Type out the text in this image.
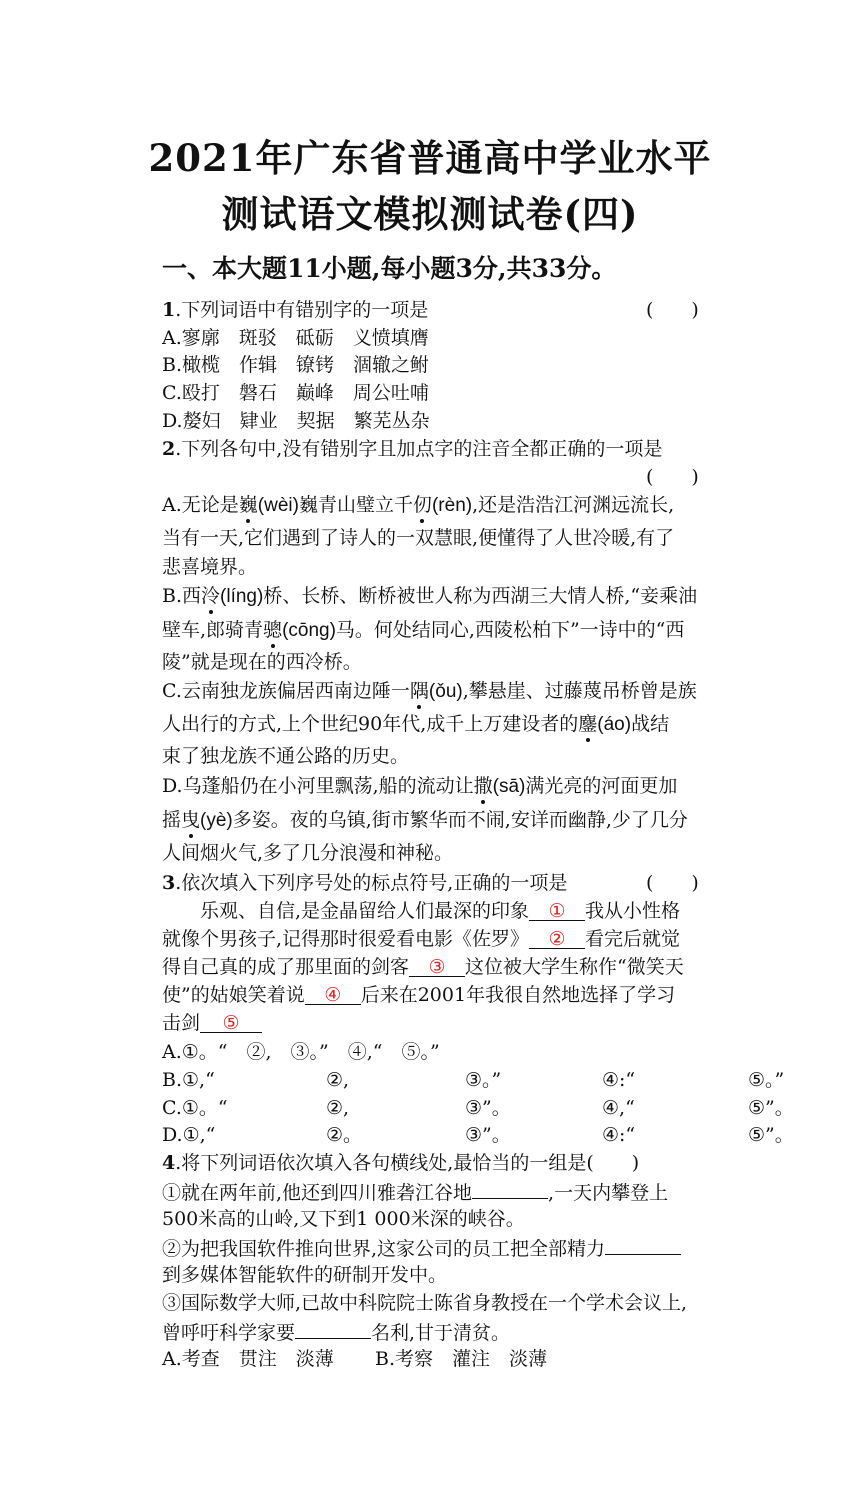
2021年广东省普通高中学业水平
测试语文模拟测试卷(四)
一、本大题11小题,每小题3分,共33分。
1.下列词语中有错别字的一项是	(　　)
A.寥廓　斑驳　砥砺　义愤填膺
B.橄榄　作辑　镣铐　涸辙之鲋
C.殴打　磐石　巅峰　周公吐哺
D.嫠妇　肄业　契据　繁芜丛杂
2.下列各句中,没有错别字且加点字的注音全都正确的一项是
(　　)
A.无论是巍(wèi)巍青山璧立千仞(rèn),还是浩浩江河渊远流长,
当有一天,它们遇到了诗人的一双慧眼,便懂得了人世冷暖,有了
悲喜境界。
B.西泠(líng)桥、长桥、断桥被世人称为西湖三大情人桥,“妾乘油
壁车,郎骑青骢(cōng)马。何处结同心,西陵松柏下”一诗中的“西
陵”就是现在的西冷桥。
C.云南独龙族偏居西南边陲一隅(ǒu),攀悬崖、过藤蔑吊桥曾是族
人出行的方式,上个世纪90年代,成千上万建设者的鏖(áo)战结
束了独龙族不通公路的历史。
D.乌蓬船仍在小河里飘荡,船的流动让撒(sā)满光亮的河面更加
摇曳(yè)多姿。夜的乌镇,街市繁华而不闹,安详而幽静,少了几分
人间烟火气,多了几分浪漫和神秘。
3.依次填入下列序号处的标点符号,正确的一项是	(　　)
乐观、自信,是金晶留给人们最深的印象 ① 我从小性格
就像个男孩子,记得那时很爱看电影《佐罗》 ② 看完后就觉
得自己真的成了那里面的剑客 ③ 这位被大学生称作“微笑天
使”的姑娘笑着说 ④ 后来在2001年我很自然地选择了学习
击剑 ⑤
A.①。“　②,　③。”　④,“　⑤。”
B.①,“	②,	③。”	④:“	⑤。”
C.①。“	②,	③”。	④,“	⑤”。
D.①,“	②。	③”。	④:“	⑤”。
4.将下列词语依次填入各句横线处,最恰当的一组是(　　)
①就在两年前,他还到四川雅砻江谷地	,一天内攀登上
500米高的山岭,又下到1 000米深的峡谷。
②为把我国软件推向世界,这家公司的员工把全部精力
到多媒体智能软件的研制开发中。
③国际数学大师,已故中科院院士陈省身教授在一个学术会议上,
曾呼吁科学家要	名利,甘于清贫。
A.考查　贯注　淡薄 B.考察　灌注　淡薄
